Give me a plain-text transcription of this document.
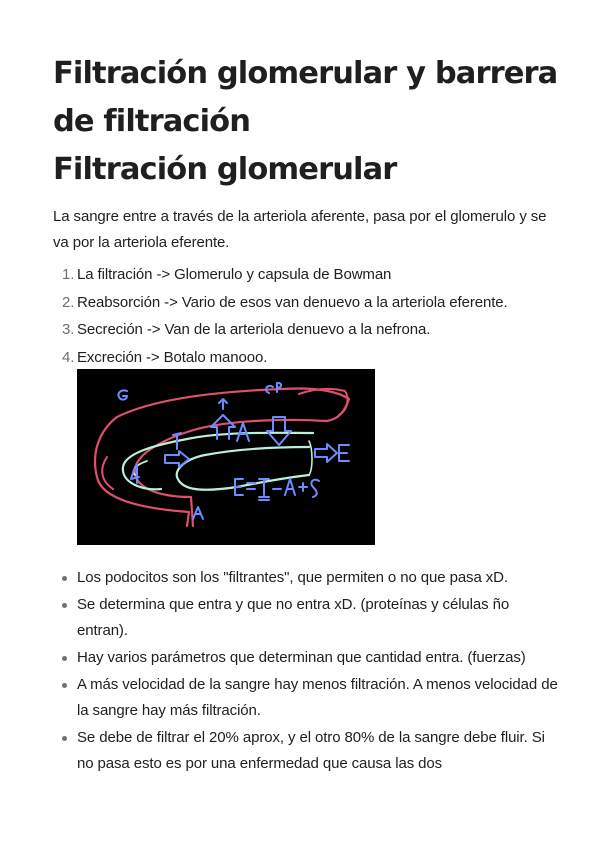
Filtración glomerular y barrera de filtración
Filtración glomerular

La sangre entre a través de la arteriola aferente, pasa por el glomerulo y se va por la arteriola eferente.

1. La filtración -> Glomerulo y capsula de Bowman
2. Reabsorción -> Vario de esos van denuevo a la arteriola eferente.
3. Secreción -> Van de la arteriola denuevo a la nefrona.
4. Excreción -> Botalo manooo.
Los podocitos son los "filtrantes", que permiten o no que pasa xD.
Se determina que entra y que no entra xD. (proteínas y células ño entran).
Hay varios parámetros que determinan que cantidad entra. (fuerzas)
A más velocidad de la sangre hay menos filtración. A menos velocidad de la sangre hay más filtración.
Se debe de filtrar el 20% aprox, y el otro 80% de la sangre debe fluir. Si no pasa esto es por una enfermedad que causa las dos
